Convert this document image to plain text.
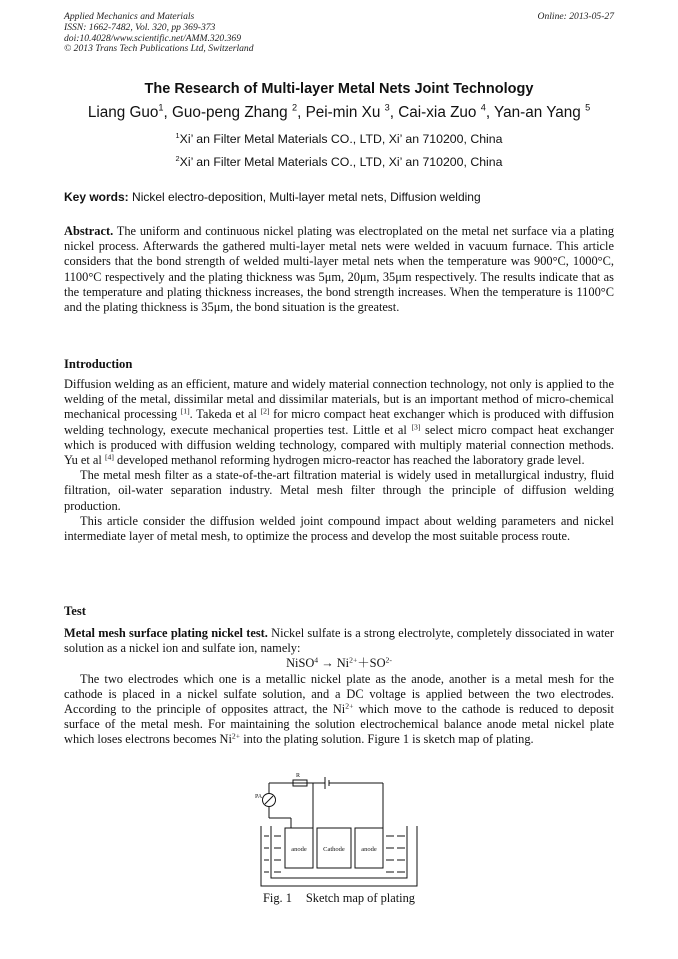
Applied Mechanics and Materials
ISSN: 1662-7482, Vol. 320, pp 369-373
doi:10.4028/www.scientific.net/AMM.320.369
© 2013 Trans Tech Publications Ltd, Switzerland
Online: 2013-05-27
The Research of Multi-layer Metal Nets Joint Technology
Liang Guo$^1$, Guo-peng Zhang $^2$, Pei-min Xu $^3$, Cai-xia Zuo $^4$, Yan-an Yang $^5$
$^1$Xi’ an Filter Metal Materials CO., LTD, Xi’ an 710200, China
$^2$Xi’ an Filter Metal Materials CO., LTD, Xi’ an 710200, China
Key words: Nickel electro-deposition, Multi-layer metal nets, Diffusion welding

Abstract. The uniform and continuous nickel plating was electroplated on the metal net surface via a plating nickel process. Afterwards the gathered multi-layer metal nets were welded in vacuum furnace. This article considers that the bond strength of welded multi-layer metal nets when the temperature was 900°C, 1000°C, 1100°C respectively and the plating thickness was 5μm, 20μm, 35μm respectively. The results indicate that as the temperature and plating thickness increases, the bond strength increases. When the temperature is 1100°C and the plating thickness is 35μm, the bond situation is the greatest.

Introduction

Diffusion welding as an efficient, mature and widely material connection technology, not only is applied to the welding of the metal, dissimilar metal and dissimilar materials, but is an important method of micro-chemical mechanical processing [1]. Takeda et al [2] for micro compact heat exchanger which is produced with diffusion welding technology, execute mechanical properties test. Little et al [3] select micro compact heat exchanger which is produced with diffusion welding technology, compared with multiply material connection methods. Yu et al [4] developed methanol reforming hydrogen micro-reactor has reached the laboratory grade level.

The metal mesh filter as a state-of-the-art filtration material is widely used in metallurgical industry, fluid filtration, oil-water separation industry. Metal mesh filter through the principle of diffusion welding production.

This article consider the diffusion welded joint compound impact about welding parameters and nickel intermediate layer of metal mesh, to optimize the process and develop the most suitable process route.

Test

Metal mesh surface plating nickel test. Nickel sulfate is a strong electrolyte, completely dissociated in water solution as a nickel ion and sulfate ion, namely:

NiSO$^4$ → $Ni^{2+}+SO^{2-}$

The two electrodes which one is a metallic nickel plate as the anode, another is a metal mesh for the cathode is placed in a nickel sulfate solution, and a DC voltage is applied between the two electrodes. According to the principle of opposites attract, the $Ni^{2+}$ which move to the cathode is reduced to deposit surface of the metal mesh. For maintaining the solution electrochemical balance anode metal nickel plate which loses electrons becomes $Ni^{2+}$ into the plating solution. Figure 1 is sketch map of plating.

R
PA
anode	Cathode	anode
Fig. 1 Sketch map of plating
